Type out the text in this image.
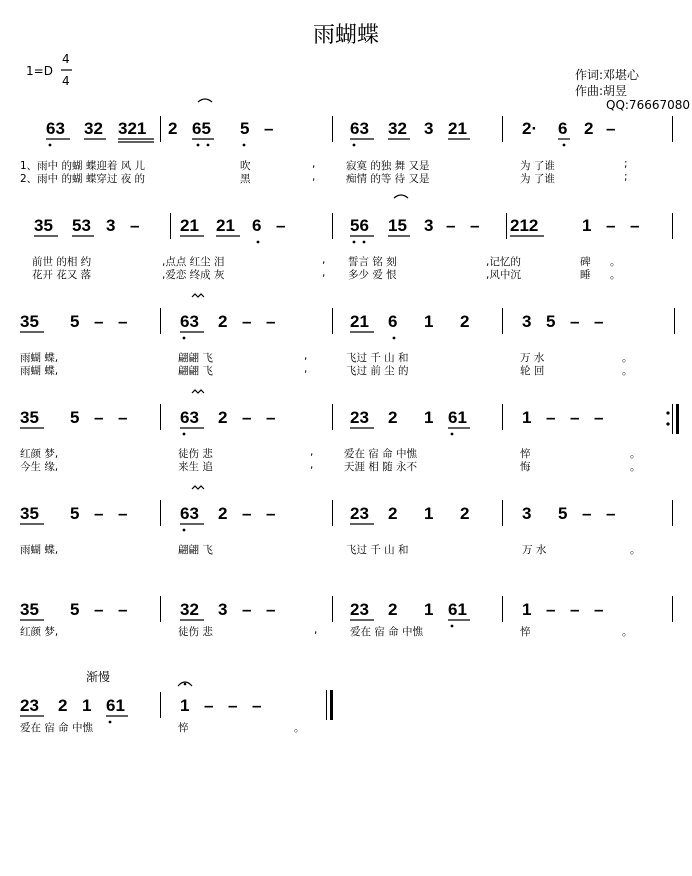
雨蝴蝶
1=D
4
4	作词:邓堪心
作曲:胡昱
QQ:76667080
63 32 321 2 65 5 –	63 32 3 21	2· 6 2 –
1、雨中 的蝴 蝶迎着 风 儿	吹	,	寂寞 的独 舞 又是	为 了谁	;
2、雨中 的蝴 蝶穿过 夜 的	黑	,	痴情 的等 待 又是	为 了谁	;
35 53 3 – 21 21 6 –	56 15 3 – – 212	1 – –
前世 的相 约	,点点 红尘 泪	, 誓言 铭 刻	,记忆的	碑 。
花开 花又 落	,爱恋 终成 灰	, 多少 爱 恨	,风中沉	睡 。
35 5 – –	63 2 – –	21 6 1 2	3 5 – –
雨蝴 蝶,	翩翩 飞	,	飞过 千 山 和	万 水	。
雨蝴 蝶,	翩翩 飞	,	飞过 前 尘 的	轮 回	。
35 5 – –	63 2 – –	23 2 1 61	1 – – –
红颜 梦,	徒伤 悲	,	爱在 宿 命 中憔	悴	。
今生 缘,	来生 追	,	天涯 相 随 永不	悔	。
35 5 – –	63 2 – –	23 2 1 2	3 5 – –
雨蝴 蝶,	翩翩 飞	飞过 千 山 和	万 水	。
35 5 – –	32 3 – –	23 2 1 61	1 – – –
红颜 梦,	徒伤 悲	,	爱在 宿 命 中憔	悴	。
渐慢
23 2 1 61	1 – – –
爱在 宿 命 中憔	悴	。
